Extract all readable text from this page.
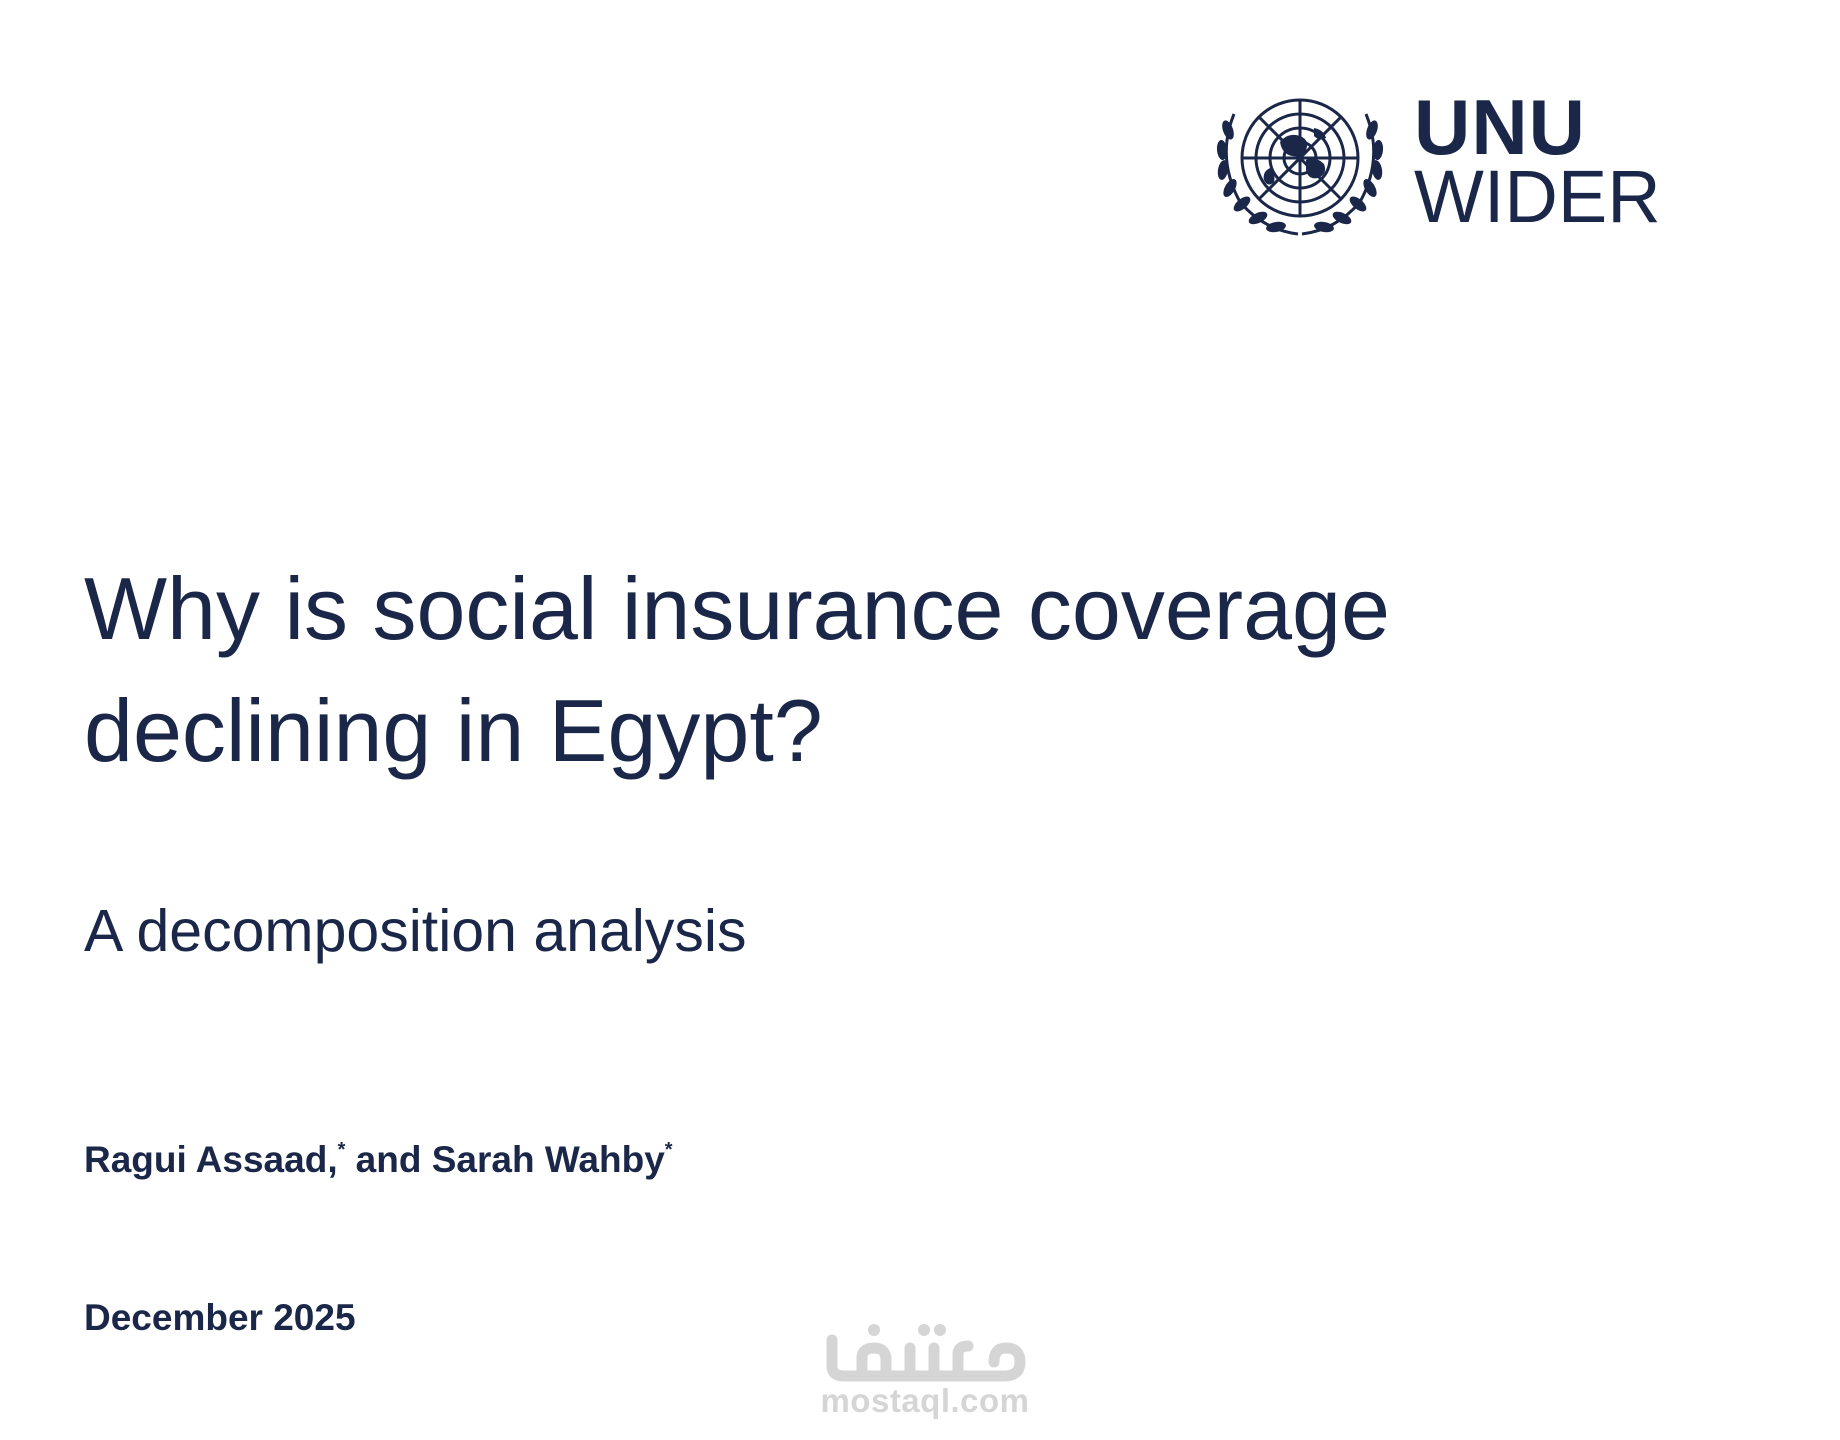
UNU
WIDER
Why is social insurance coverage
declining in Egypt?
A decomposition analysis

Ragui Assaad,* and Sarah Wahby*

December 2025

mostaql.com
